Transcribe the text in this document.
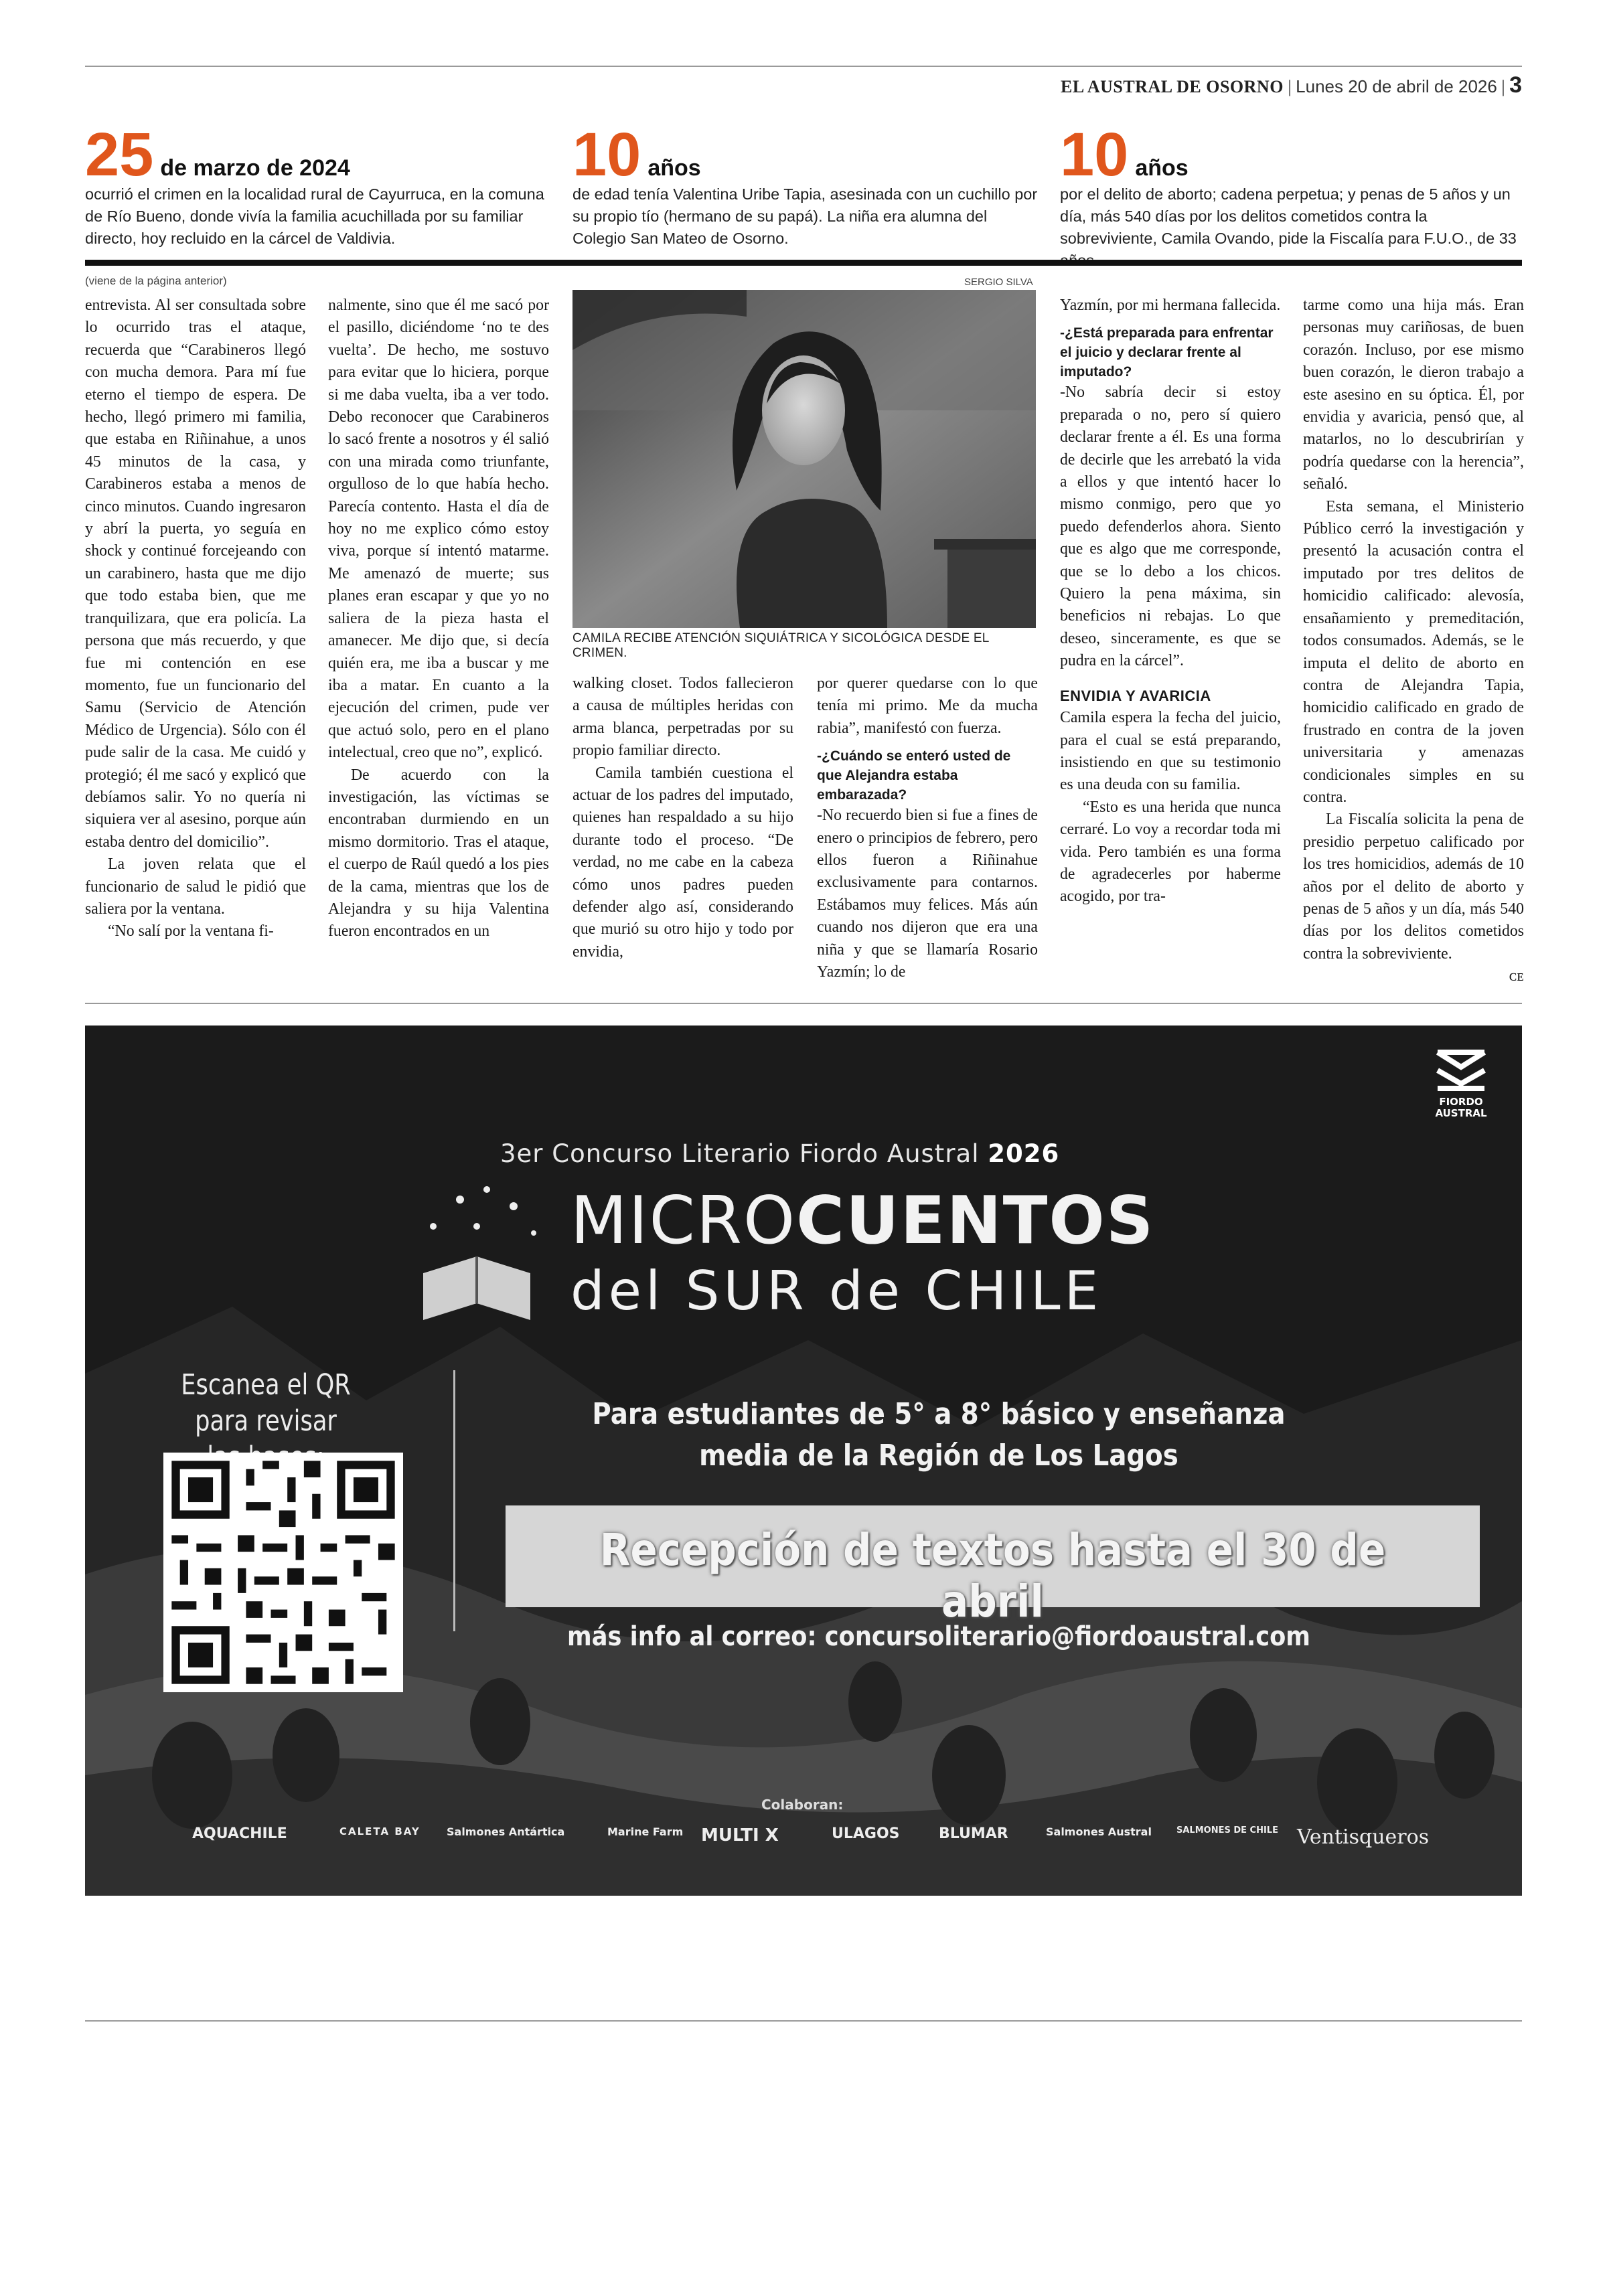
EL AUSTRAL DE OSORNO | Lunes 20 de abril de 2026 | 3
25 de marzo de 2024
ocurrió el crimen en la localidad rural de Cayurruca, en la comuna de Río Bueno, donde vivía la familia acuchillada por su familiar directo, hoy recluido en la cárcel de Valdivia.
10 años
de edad tenía Valentina Uribe Tapia, asesinada con un cuchillo por su propio tío (hermano de su papá). La niña era alumna del Colegio San Mateo de Osorno.
10 años
por el delito de aborto; cadena perpetua; y penas de 5 años y un día, más 540 días por los delitos cometidos contra la sobreviviente, Camila Ovando, pide la Fiscalía para F.U.O., de 33
(viene de la página anterior)

entrevista. Al ser consultada sobre lo ocurrido tras el ataque, recuerda que “Carabineros llegó con mucha demora. Para mí fue eterno el tiempo de espera. De hecho, llegó primero mi familia, que estaba en Riñinahue, a unos 45 minutos de la casa, y Carabineros estaba a menos de cinco minutos. Cuando ingresaron y abrí la puerta, yo seguía en shock y continué forcejeando con un carabinero, hasta que me dijo que todo estaba bien, que me tranquilizara, que era policía. La persona que más recuerdo, y que fue mi contención en ese momento, fue un funcionario del Samu (Servicio de Atención Médico de Urgencia). Sólo con él pude salir de la casa. Me cuidó y protegió; él me sacó y explicó que debíamos salir. Yo no quería ni siquiera ver al asesino, porque aún estaba dentro del domicilio”.

La joven relata que el funcionario de salud le pidió que saliera por la ventana.

“No salí por la ventana fi-

nalmente, sino que él me sacó por el pasillo, diciéndome ‘no te des vuelta’. De hecho, me sostuvo para evitar que lo hiciera, porque si me daba vuelta, iba a ver todo. Debo reconocer que Carabineros lo sacó frente a nosotros y él salió con una mirada como triunfante, orgulloso de lo que había hecho. Parecía contento. Hasta el día de hoy no me explico cómo estoy viva, porque sí intentó matarme. Me amenazó de muerte; sus planes eran escapar y que yo no saliera de la pieza hasta el amanecer. Me dijo que, si decía quién era, me iba a buscar y me iba a matar. En cuanto a la ejecución del crimen, pude ver que actuó solo, pero en el plano intelectual, creo que no”, explicó.

De acuerdo con la investigación, las víctimas se encontraban durmiendo en un mismo dormitorio. Tras el ataque, el cuerpo de Raúl quedó a los pies de la cama, mientras que los de Alejandra y su hija Valentina fueron encontrados en un

SERGIO SILVA
CAMILA RECIBE ATENCIÓN SIQUIÁTRICA Y SICOLÓGICA DESDE EL CRIMEN.

walking closet. Todos fallecieron a causa de múltiples heridas con arma blanca, perpetradas por su propio familiar directo.

Camila también cuestiona el actuar de los padres del imputado, quienes han respaldado a su hijo durante todo el proceso. “De verdad, no me cabe en la cabeza cómo unos padres pueden defender algo así, considerando que murió su otro hijo y todo por envidia,

por querer quedarse con lo que tenía mi primo. Me da mucha rabia”, manifestó con fuerza.

-¿Cuándo se enteró usted de que Alejandra estaba embarazada?

-No recuerdo bien si fue a fines de enero o principios de febrero, pero ellos fueron a Riñinahue exclusivamente para contarnos. Estábamos muy felices. Más aún cuando nos dijeron que era una niña y que se llamaría Rosario Yazmín; lo de

Yazmín, por mi hermana fallecida.

-¿Está preparada para enfrentar el juicio y declarar frente al imputado?

-No sabría decir si estoy preparada o no, pero sí quiero declarar frente a él. Es una forma de decirle que les arrebató la vida a ellos y que intentó hacer lo mismo conmigo, pero que yo puedo defenderlos ahora. Siento que es algo que me corresponde, que se lo debo a los chicos. Quiero la pena máxima, sin beneficios ni rebajas. Lo que deseo, sinceramente, es que se pudra en la cárcel”.

ENVIDIA Y AVARICIA

Camila espera la fecha del juicio, para el cual se está preparando, insistiendo en que su testimonio es una deuda con su familia.

“Esto es una herida que nunca cerraré. Lo voy a recordar toda mi vida. Pero también es una forma de agradecerles por haberme acogido, por tra-

tarme como una hija más. Eran personas muy cariñosas, de buen corazón. Incluso, por ese mismo buen corazón, le dieron trabajo a este asesino en su óptica. Él, por envidia y avaricia, pensó que, al matarlos, no lo descubrirían y podría quedarse con la herencia”, señaló.

Esta semana, el Ministerio Público cerró la investigación y presentó la acusación contra el imputado por tres delitos de homicidio calificado: alevosía, ensañamiento y premeditación, todos consumados. Además, se le imputa el delito de aborto en contra de Alejandra Tapia, homicidio calificado en grado de frustrado en contra de la joven universitaria y amenazas condicionales simples en su contra.

La Fiscalía solicita la pena de presidio perpetuo calificado por los tres homicidios, además de 10 años por el delito de aborto y penas de 5 años y un día, más 540 días por los delitos cometidos contra la sobreviviente.

ᴄᴇ

FIORDO AUSTRAL
3er Concurso Literario Fiordo Austral 2026
MICROCUENTOS
del SUR de CHILE
Escanea el QR para revisar	Para estudiantes de 5° a 8° básico y enseñanza media de la Región de Los Lagos
Recepción de textos hasta el 30 de abril
más info al correo: concursoliterario@fiordoaustral.com
Colaboran:
AQUACHILE	CALETA BAY Salmones Antártica	Marine Farm MULTI X	ULAGOS	BLUMAR	Salmones Austral	SALMONES DE CHILE Ventisqueros
